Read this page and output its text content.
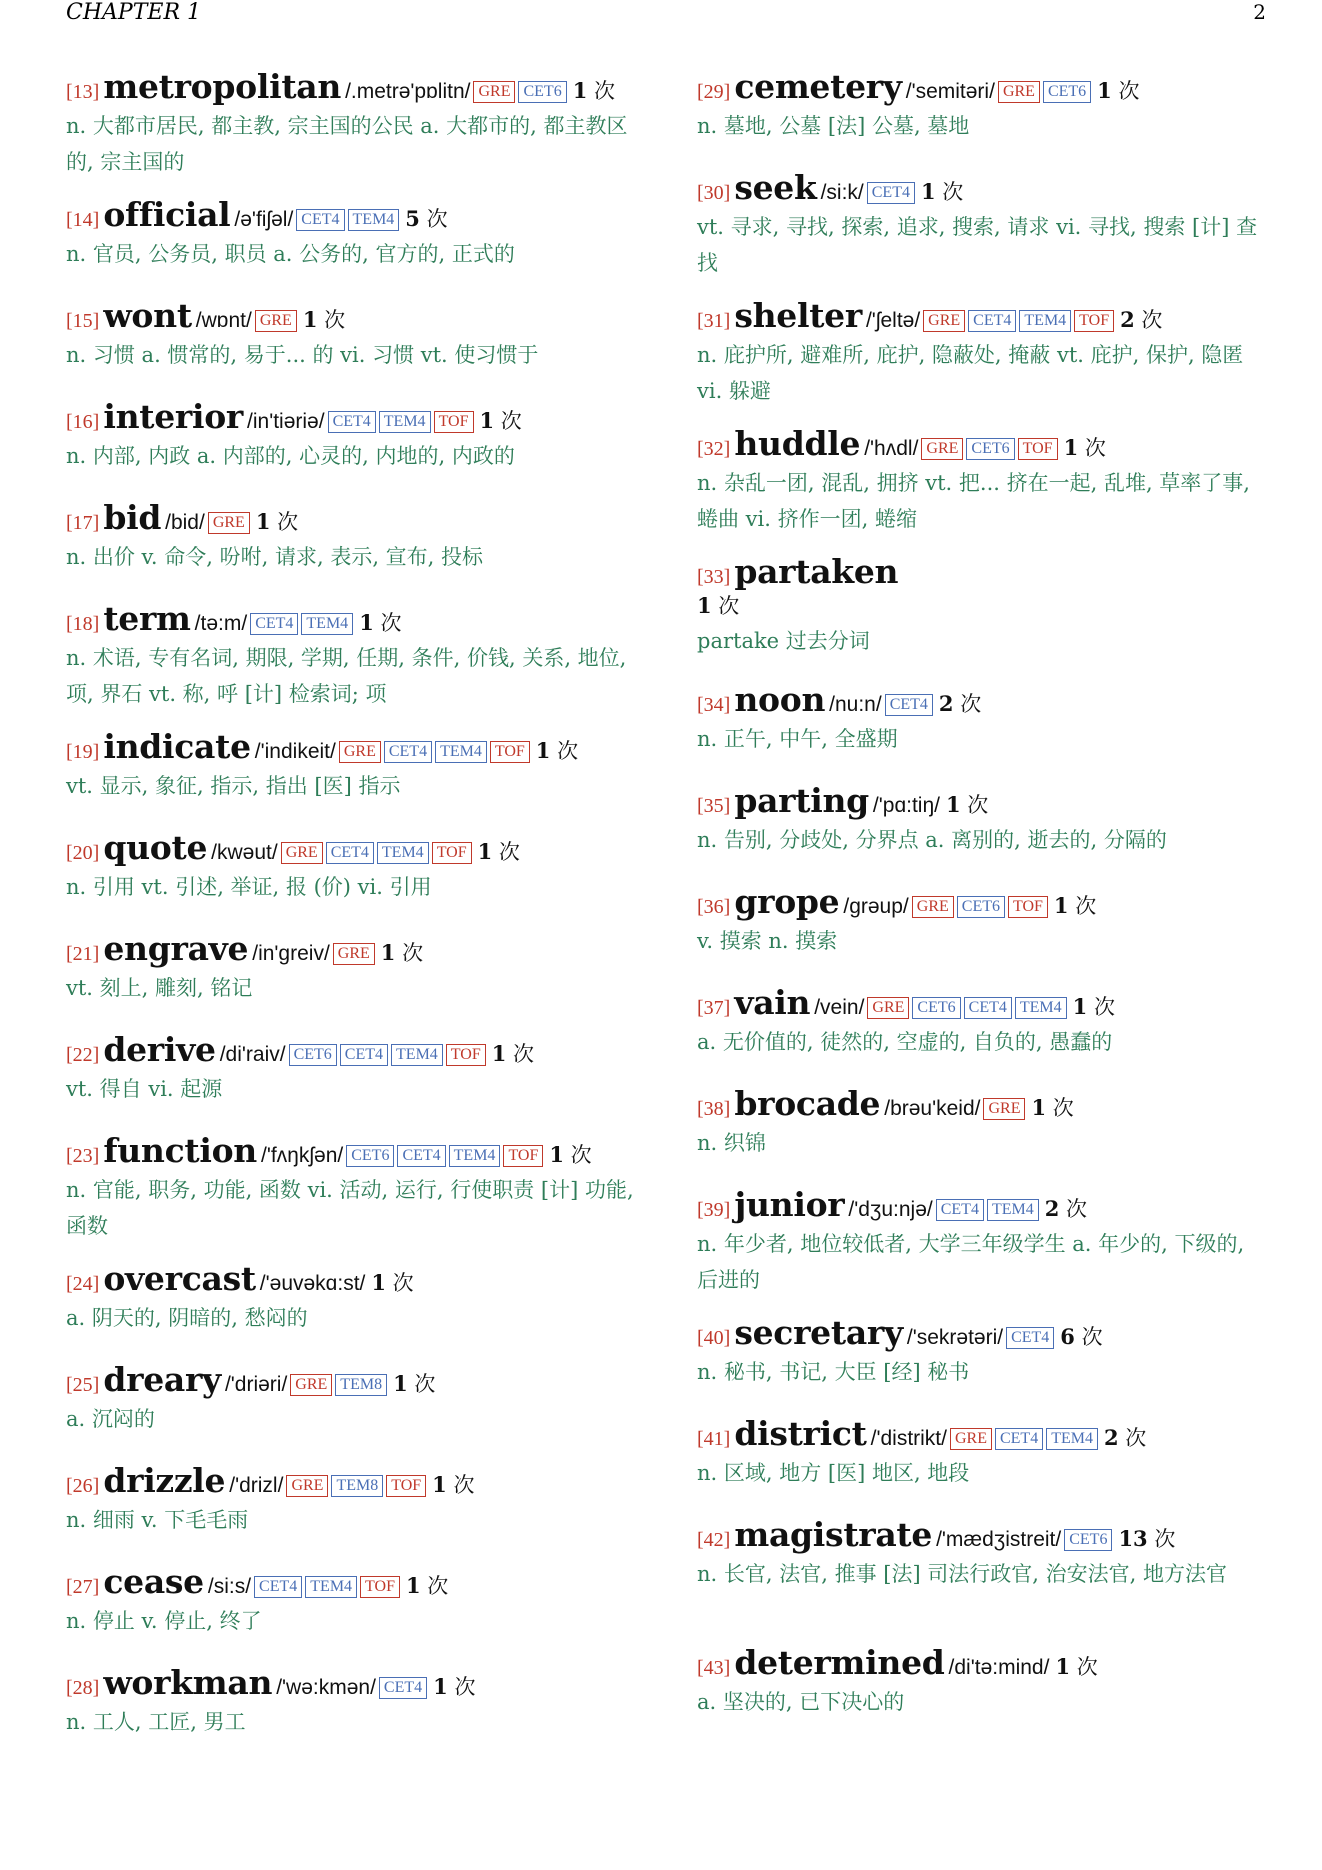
CHAPTER 1	2
[13] metropolitan /.metrə'pɒlitn/ GRE CET6 1 次
n. 大都市居民, 都主教, 宗主国的公民 a. 大都市的, 都主教区的, 宗主国的
[14] official /ə'fiʃəl/ CET4 TEM4 5 次
n. 官员, 公务员, 职员 a. 公务的, 官方的, 正式的
[15] wont /wɒnt/ GRE 1 次
n. 习惯 a. 惯常的, 易于... 的 vi. 习惯 vt. 使习惯于
[16] interior /in'tiəriə/ CET4 TEM4 TOF 1 次
n. 内部, 内政 a. 内部的, 心灵的, 内地的, 内政的
[17] bid /bid/ GRE 1 次
n. 出价 v. 命令, 吩咐, 请求, 表示, 宣布, 投标
[18] term /tə:m/ CET4 TEM4 1 次
n. 术语, 专有名词, 期限, 学期, 任期, 条件, 价钱, 关系, 地位, 项, 界石 vt. 称, 呼 [计] 检索词; 项
[19] indicate /'indikeit/ GRE CET4 TEM4 TOF 1 次
vt. 显示, 象征, 指示, 指出 [医] 指示
[20] quote /kwəut/ GRE CET4 TEM4 TOF 1 次
n. 引用 vt. 引述, 举证, 报 (价) vi. 引用
[21] engrave /in'greiv/ GRE 1 次
vt. 刻上, 雕刻, 铭记
[22] derive /di'raiv/ CET6 CET4 TEM4 TOF 1 次
vt. 得自 vi. 起源
[23] function /'fʌŋkʃən/ CET6 CET4 TEM4 TOF 1 次
n. 官能, 职务, 功能, 函数 vi. 活动, 运行, 行使职责 [计] 功能, 函数
[24] overcast /'əuvəkɑ:st/ 1 次
a. 阴天的, 阴暗的, 愁闷的
[25] dreary /'driəri/ GRE TEM8 1 次
a. 沉闷的
[26] drizzle /'drizl/ GRE TEM8 TOF 1 次
n. 细雨 v. 下毛毛雨
[27] cease /si:s/ CET4 TEM4 TOF 1 次
n. 停止 v. 停止, 终了
[28] workman /'wə:kmən/ CET4 1 次
n. 工人, 工匠, 男工
[29] cemetery /'semitəri/ GRE CET6 1 次
n. 墓地, 公墓 [法] 公墓, 墓地
[30] seek /si:k/ CET4 1 次
vt. 寻求, 寻找, 探索, 追求, 搜索, 请求 vi. 寻找, 搜索 [计] 查找
[31] shelter /'ʃeltə/ GRE CET4 TEM4 TOF 2 次
n. 庇护所, 避难所, 庇护, 隐蔽处, 掩蔽 vt. 庇护, 保护, 隐匿 vi. 躲避
[32] huddle /'hʌdl/ GRE CET6 TOF 1 次
n. 杂乱一团, 混乱, 拥挤 vt. 把... 挤在一起, 乱堆, 草率了事, 蜷曲 vi. 挤作一团, 蜷缩
[33] partaken
1 次
partake 过去分词
[34] noon /nu:n/ CET4 2 次
n. 正午, 中午, 全盛期
[35] parting /'pɑ:tiŋ/ 1 次
n. 告别, 分歧处, 分界点 a. 离别的, 逝去的, 分隔的
[36] grope /grəup/ GRE CET6 TOF 1 次
v. 摸索 n. 摸索
[37] vain /vein/ GRE CET6 CET4 TEM4 1 次
a. 无价值的, 徒然的, 空虚的, 自负的, 愚蠢的
[38] brocade /brəu'keid/ GRE 1 次
n. 织锦
[39] junior /'dʒu:njə/ CET4 TEM4 2 次
n. 年少者, 地位较低者, 大学三年级学生 a. 年少的, 下级的, 后进的
[40] secretary /'sekrətəri/ CET4 6 次
n. 秘书, 书记, 大臣 [经] 秘书
[41] district /'distrikt/ GRE CET4 TEM4 2 次
n. 区域, 地方 [医] 地区, 地段
[42] magistrate /'mædʒistreit/ CET6 13 次
n. 长官, 法官, 推事 [法] 司法行政官, 治安法官, 地方法官
[43] determined /di'tə:mind/ 1 次
a. 坚决的, 已下决心的
